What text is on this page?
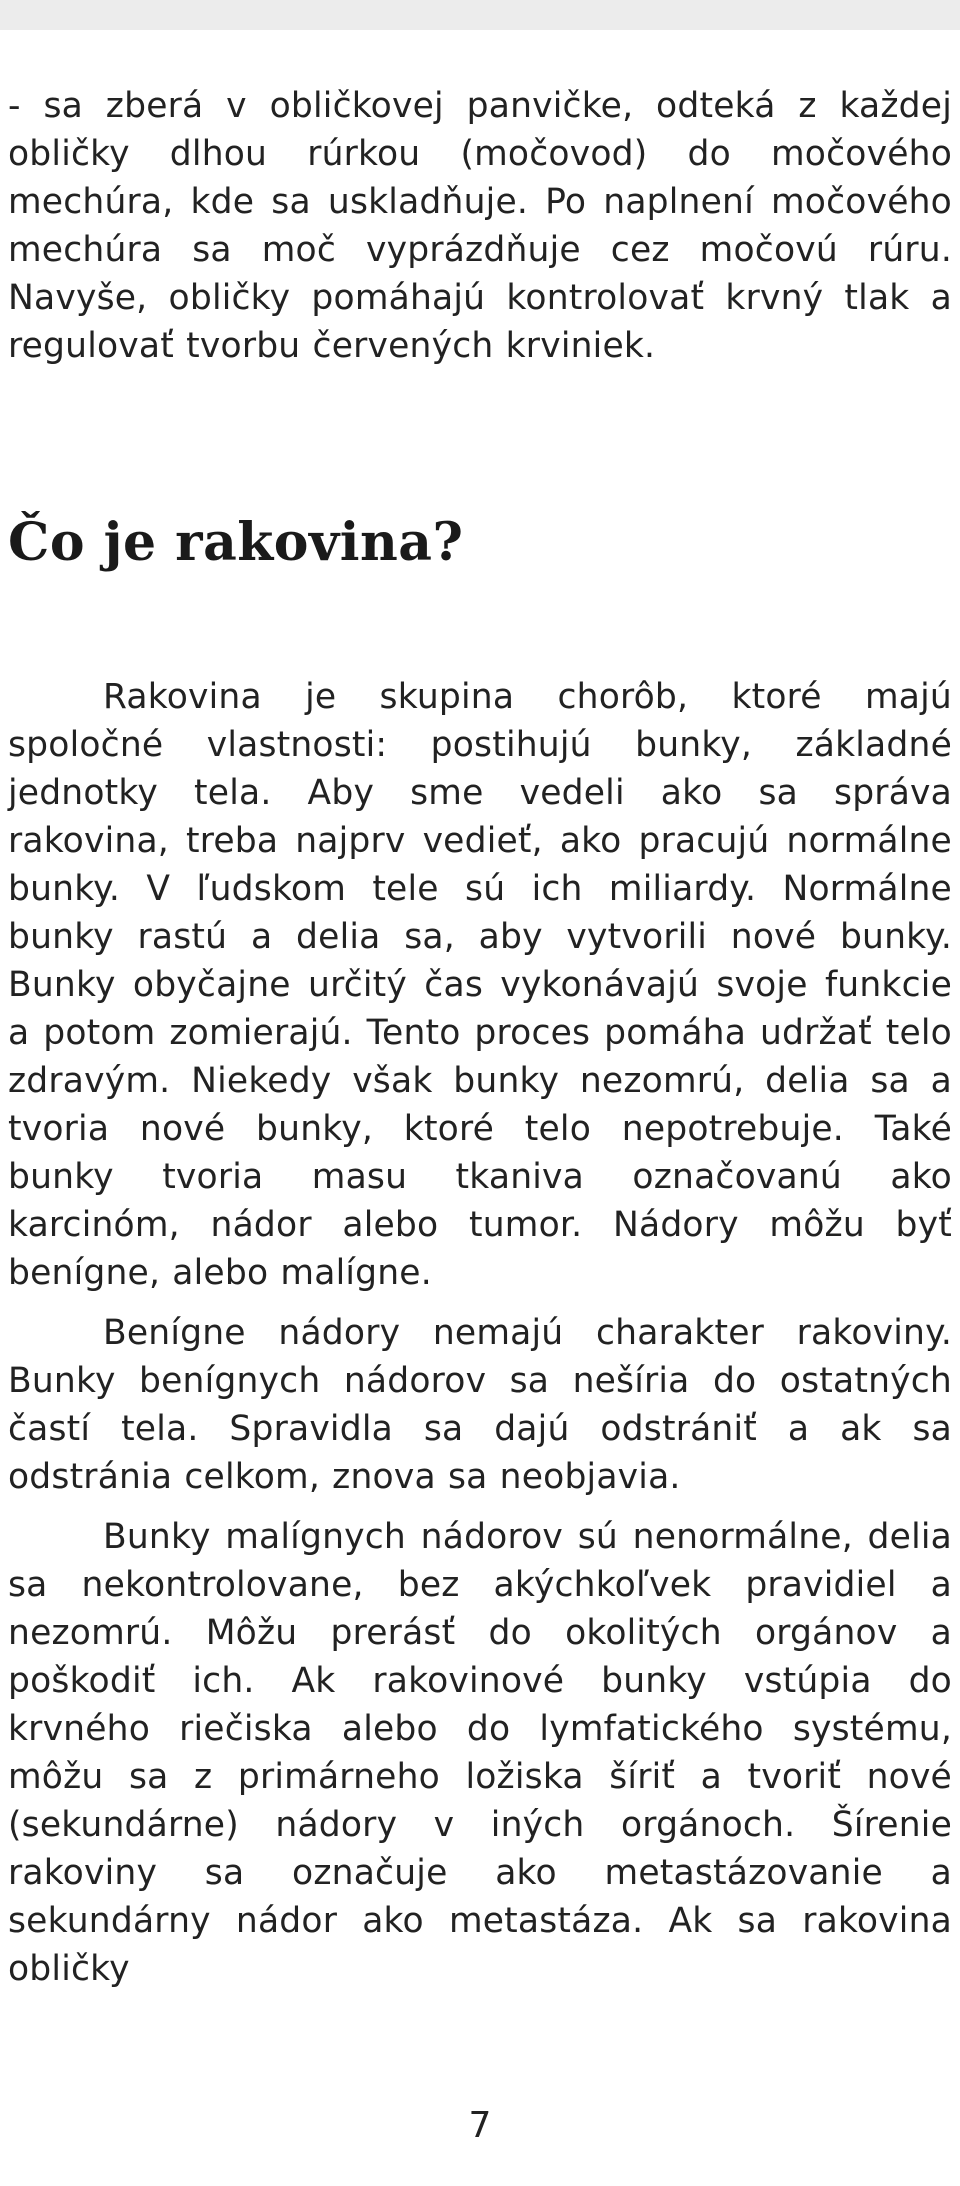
- sa zberá v obličkovej panvičke, odteká z každej obličky dlhou rúrkou (močovod) do močového mechúra, kde sa uskladňuje. Po naplnení močového mechúra sa moč vyprázdňuje cez močovú rúru. Navyše, obličky pomáhajú kontrolovať krvný tlak a regulovať tvorbu červených krviniek.

Čo je rakovina?

Rakovina je skupina chorôb, ktoré majú spoločné vlastnosti: postihujú bunky, základné jednotky tela. Aby sme vedeli ako sa správa rakovina, treba najprv vedieť, ako pracujú normálne bunky. V ľudskom tele sú ich miliardy. Normálne bunky rastú a delia sa, aby vytvorili nové bunky. Bunky obyčajne určitý čas vykonávajú svoje funkcie a potom zomierajú. Tento proces pomáha udržať telo zdravým. Niekedy však bunky nezomrú, delia sa a tvoria nové bunky, ktoré telo nepotrebuje. Také bunky tvoria masu tkaniva označovanú ako karcinóm, nádor alebo tumor. Nádory môžu byť benígne, alebo malígne.

Benígne nádory nemajú charakter rakoviny. Bunky benígnych nádorov sa nešíria do ostatných častí tela. Spravidla sa dajú odstrániť a ak sa odstránia celkom, znova sa neobjavia.

Bunky malígnych nádorov sú nenormálne, delia sa nekontrolovane, bez akýchkoľvek pravidiel a nezomrú. Môžu prerásť do okolitých orgánov a poškodiť ich. Ak rakovinové bunky vstúpia do krvného riečiska alebo do lymfatického systému, môžu sa z primárneho ložiska šíriť a tvoriť nové (sekundárne) nádory v iných orgánoch. Šírenie rakoviny sa označuje ako metastázovanie a sekundárny nádor ako metastáza. Ak sa rakovina obličky

7
